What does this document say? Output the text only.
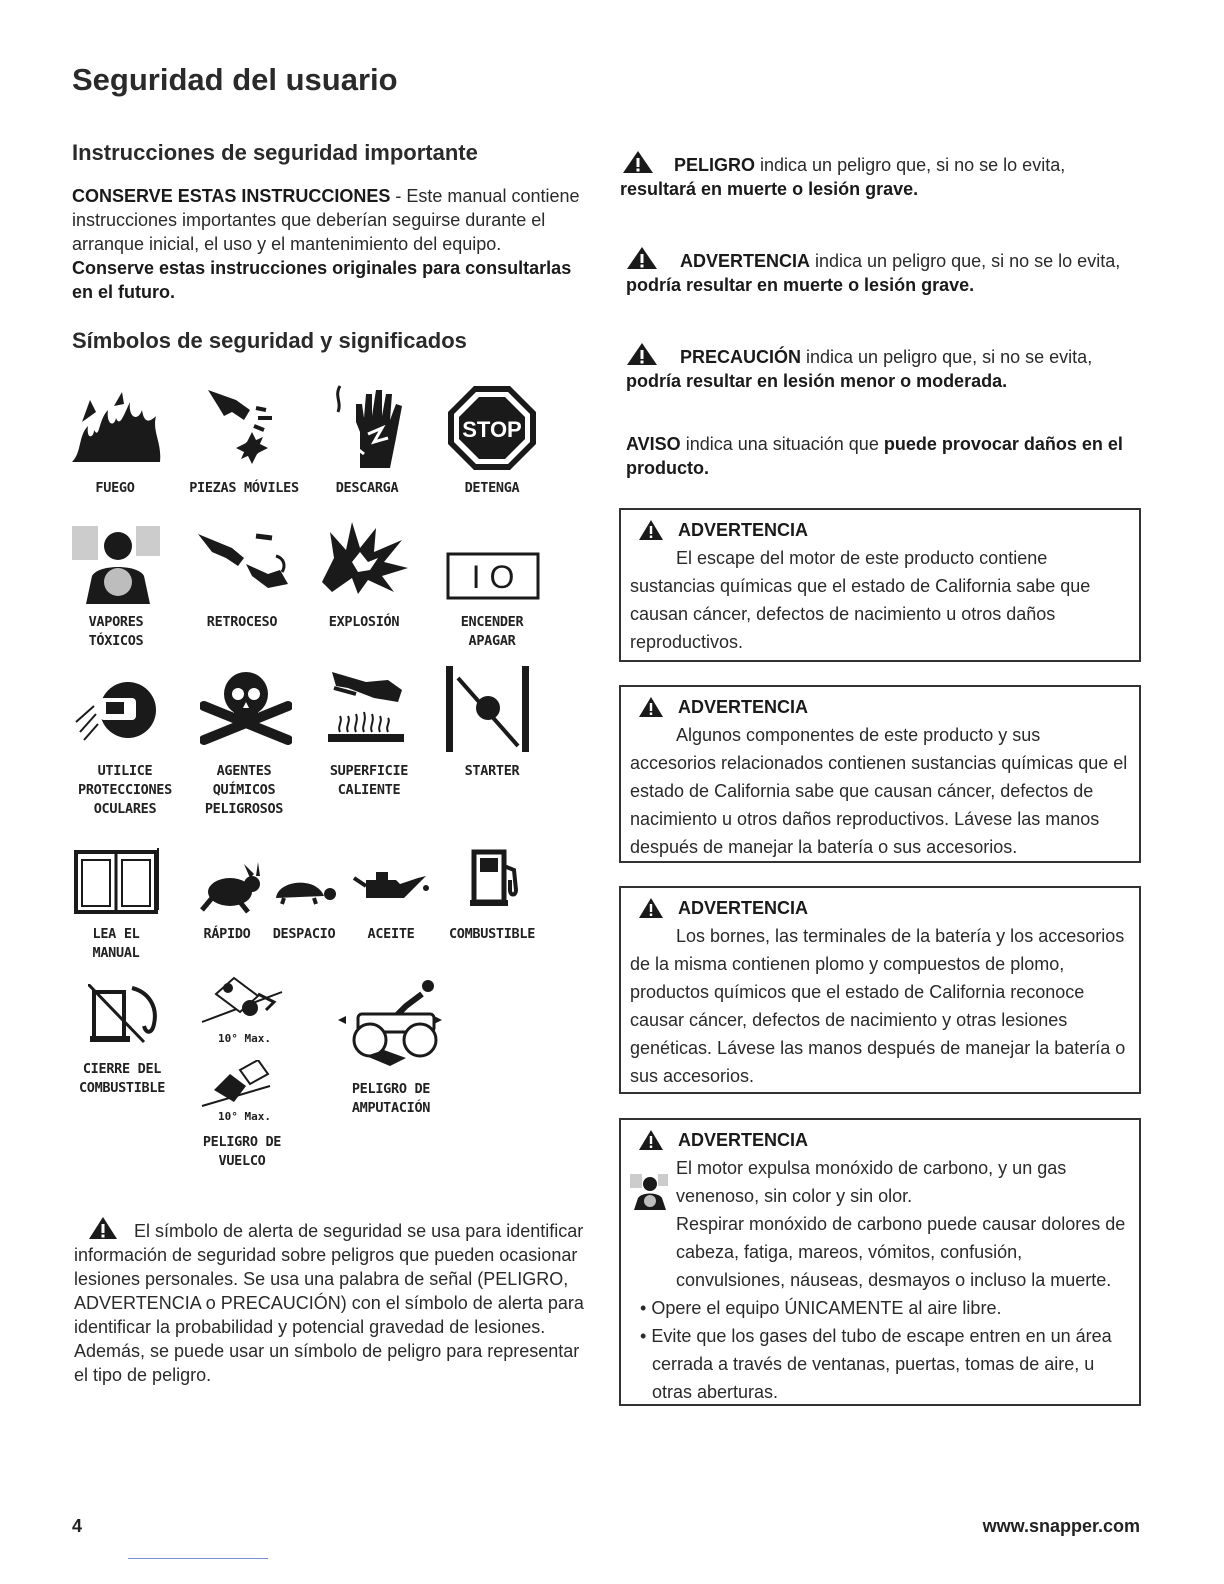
Seguridad del usuario
Instrucciones de seguridad importante
CONSERVE ESTAS INSTRUCCIONES - Este manual contiene instrucciones importantes que deberían seguirse durante el arranque inicial, el uso y el mantenimiento del equipo. Conserve estas instrucciones originales para consultarlas en el futuro.
Símbolos de seguridad y significados
STOP
FUEGO	PIEZAS MÓVILES	DESCARGA	DETENGA
I O
VAPORES
TÓXICOS
RETROCESO	EXPLOSIÓN	ENCENDER
APAGAR
UTILICE
PROTECCIONES
OCULARES
AGENTES
QUÍMICOS
PELIGROSOS
SUPERFICIE
CALIENTE
STARTER
LEA EL
MANUAL
RÁPIDO	DESPACIO	ACEITE	COMBUSTIBLE
10° Max.
10° Max.
CIERRE DEL
COMBUSTIBLE
PELIGRO DE
VUELCO
PELIGRO DE
AMPUTACIÓN
El símbolo de alerta de seguridad se usa para identificar información de seguridad sobre peligros que pueden ocasionar lesiones personales. Se usa una palabra de señal (PELIGRO, ADVERTENCIA o PRECAUCIÓN) con el símbolo de alerta para identificar la probabilidad y potencial gravedad de lesiones. Además, se puede usar un símbolo de peligro para representar el tipo de peligro.
PELIGRO indica un peligro que, si no se lo evita, resultará en muerte o lesión grave.
ADVERTENCIA indica un peligro que, si no se lo evita, podría resultar en muerte o lesión grave.
PRECAUCIÓN indica un peligro que, si no se evita, podría resultar en lesión menor o moderada.
AVISO indica una situación que puede provocar daños en el producto.
ADVERTENCIA
El escape del motor de este producto contiene sustancias químicas que el estado de California sabe que causan cáncer, defectos de nacimiento u otros daños reproductivos.
ADVERTENCIA
Algunos componentes de este producto y sus accesorios relacionados contienen sustancias químicas que el estado de California sabe que causan cáncer, defectos de nacimiento u otros daños reproductivos. Lávese las manos después de manejar la batería o sus accesorios.
ADVERTENCIA
Los bornes, las terminales de la batería y los accesorios de la misma contienen plomo y compuestos de plomo, productos químicos que el estado de California reconoce causar cáncer, defectos de nacimiento y otras lesiones genéticas. Lávese las manos después de manejar la batería o sus accesorios.
ADVERTENCIA
El motor expulsa monóxido de carbono, y un gas venenoso, sin color y sin olor.
Respirar monóxido de carbono puede causar dolores de cabeza, fatiga, mareos, vómitos, confusión, convulsiones, náuseas, desmayos o incluso la muerte.
• Opere el equipo ÚNICAMENTE al aire libre.
• Evite que los gases del tubo de escape entren en un área cerrada a través de ventanas, puertas, tomas de aire, u otras aberturas.
4	www.snapper.com
